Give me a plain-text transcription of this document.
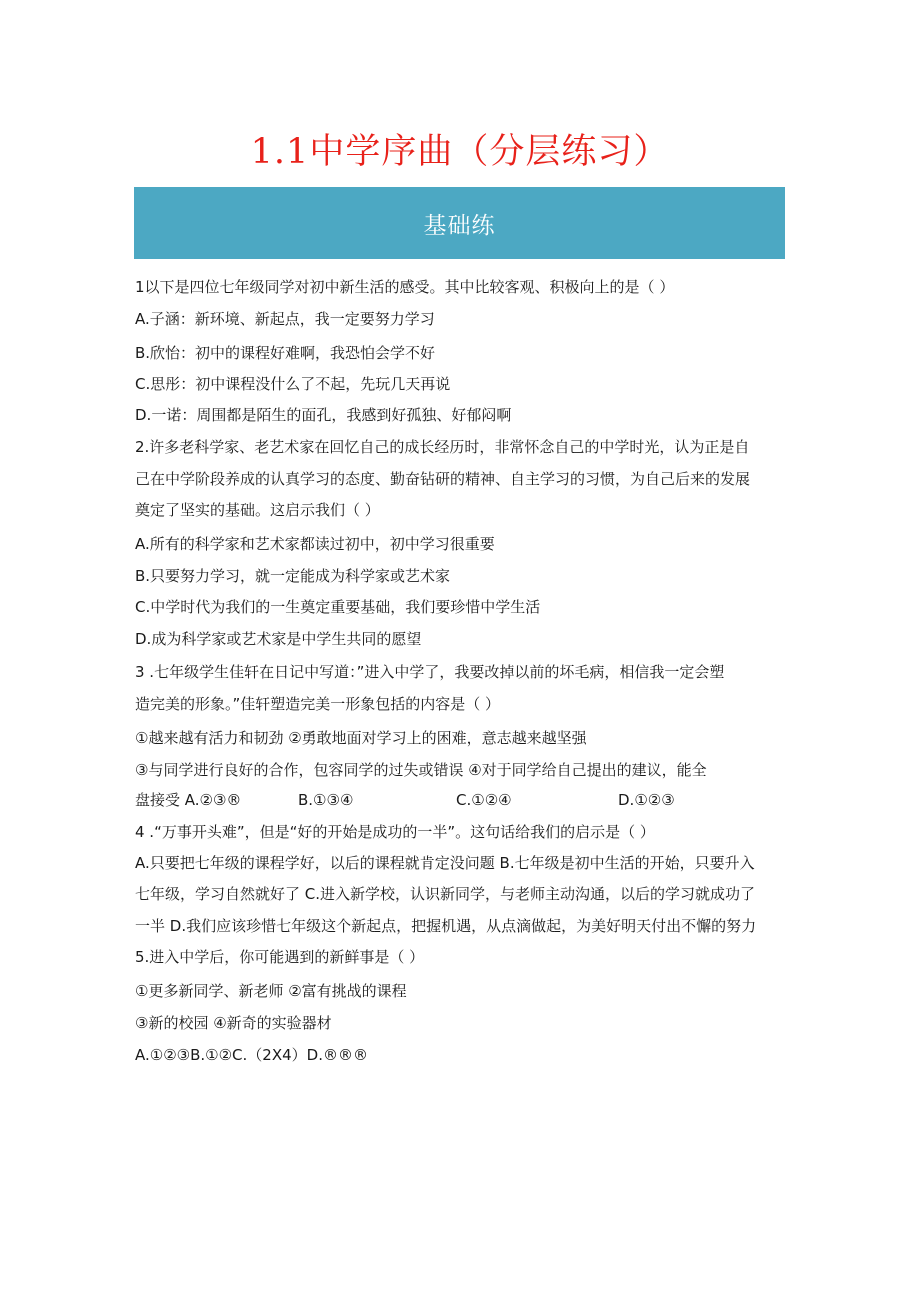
1.1中学序曲（分层练习）
基础练
1以下是四位七年级同学对初中新生活的感受。其中比较客观、积极向上的是（ ）
A.子涵：新环境、新起点，我一定要努力学习
B.欣怡：初中的课程好难啊，我恐怕会学不好
C.思彤：初中课程没什么了不起，先玩几天再说
D.一诺：周围都是陌生的面孔，我感到好孤独、好郁闷啊
2.许多老科学家、老艺术家在回忆自己的成长经历时，非常怀念自己的中学时光，认为正是自
己在中学阶段养成的认真学习的态度、勤奋钻研的精神、自主学习的习惯，为自己后来的发展
奠定了坚实的基础。这启示我们（ ）
A.所有的科学家和艺术家都读过初中，初中学习很重要
B.只要努力学习，就一定能成为科学家或艺术家
C.中学时代为我们的一生奠定重要基础，我们要珍惜中学生活
D.成为科学家或艺术家是中学生共同的愿望
3 .七年级学生佳轩在日记中写道：”进入中学了，我要改掉以前的坏毛病，相信我一定会塑
造完美的形象。”佳轩塑造完美一形象包括的内容是（ ）
①越来越有活力和韧劲 ②勇敢地面对学习上的困难，意志越来越坚强
③与同学进行良好的合作，包容同学的过失或错误 ④对于同学给自己提出的建议，能全
盘接受 A.②③®	B.①③④	C.①②④	D.①②③
4 .“万事开头难”，但是“好的开始是成功的一半”。这句话给我们的启示是（ ）
A.只要把七年级的课程学好，以后的课程就肯定没问题 B.七年级是初中生活的开始，只要升入
七年级，学习自然就好了 C.进入新学校，认识新同学，与老师主动沟通，以后的学习就成功了
一半 D.我们应该珍惜七年级这个新起点，把握机遇，从点滴做起，为美好明天付出不懈的努力
5.进入中学后，你可能遇到的新鲜事是（ ）
①更多新同学、新老师 ②富有挑战的课程
③新的校园 ④新奇的实验器材
A.①②③B.①②C.（2X4）D.®®®
